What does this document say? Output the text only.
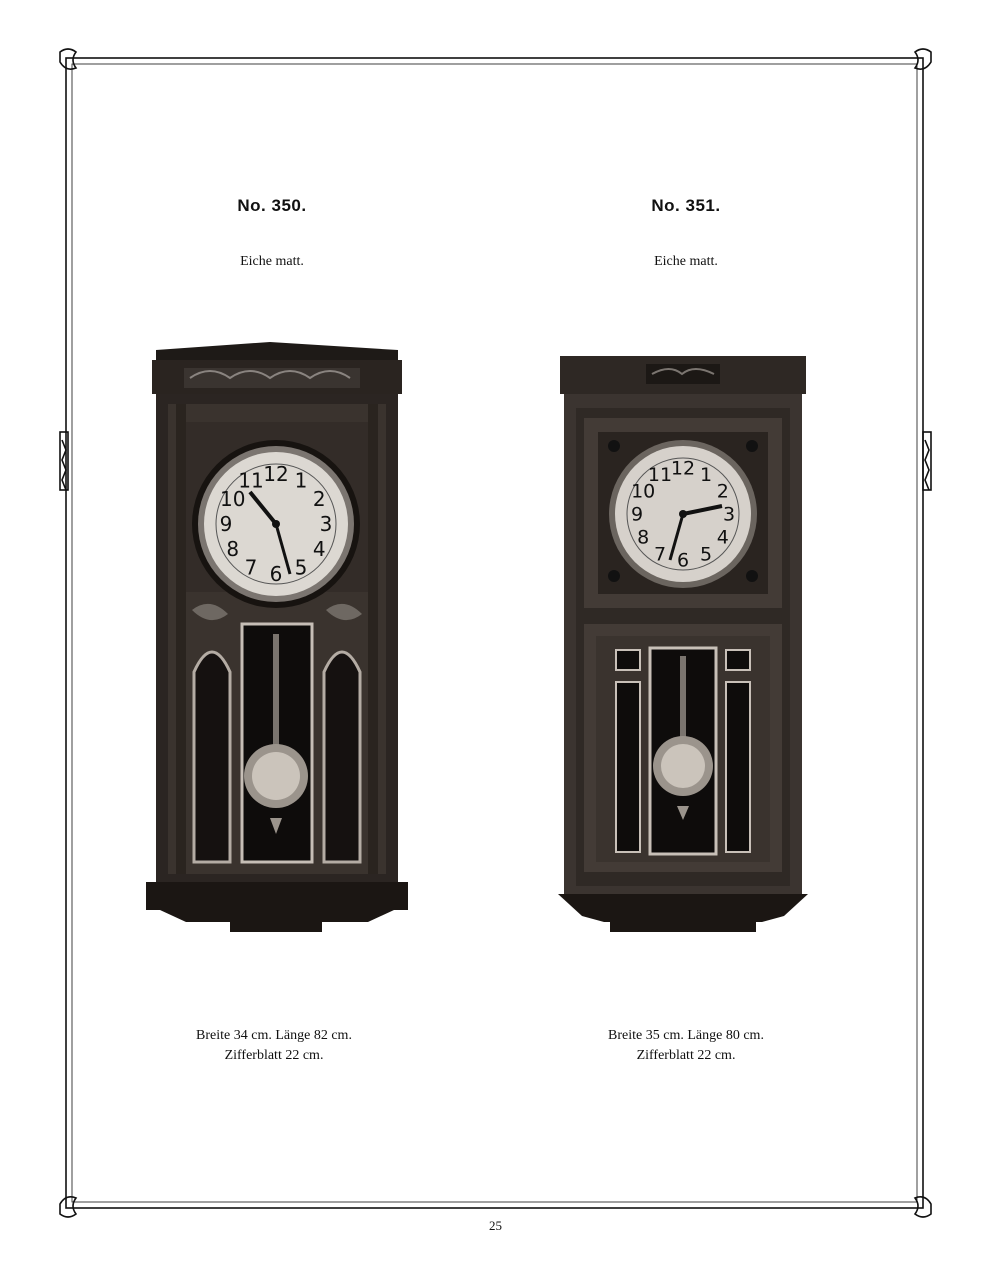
No. 350.
Eiche matt.
No. 351.
Eiche matt.
12 1
2
3
4
5
6
7
8
9
10
11
12 1
2
3
4
5
6
7
8
9
10
11
Breite 34 cm. Länge 82 cm.
Zifferblatt 22 cm.
Breite 35 cm. Länge 80 cm.
Zifferblatt 22 cm.
25
